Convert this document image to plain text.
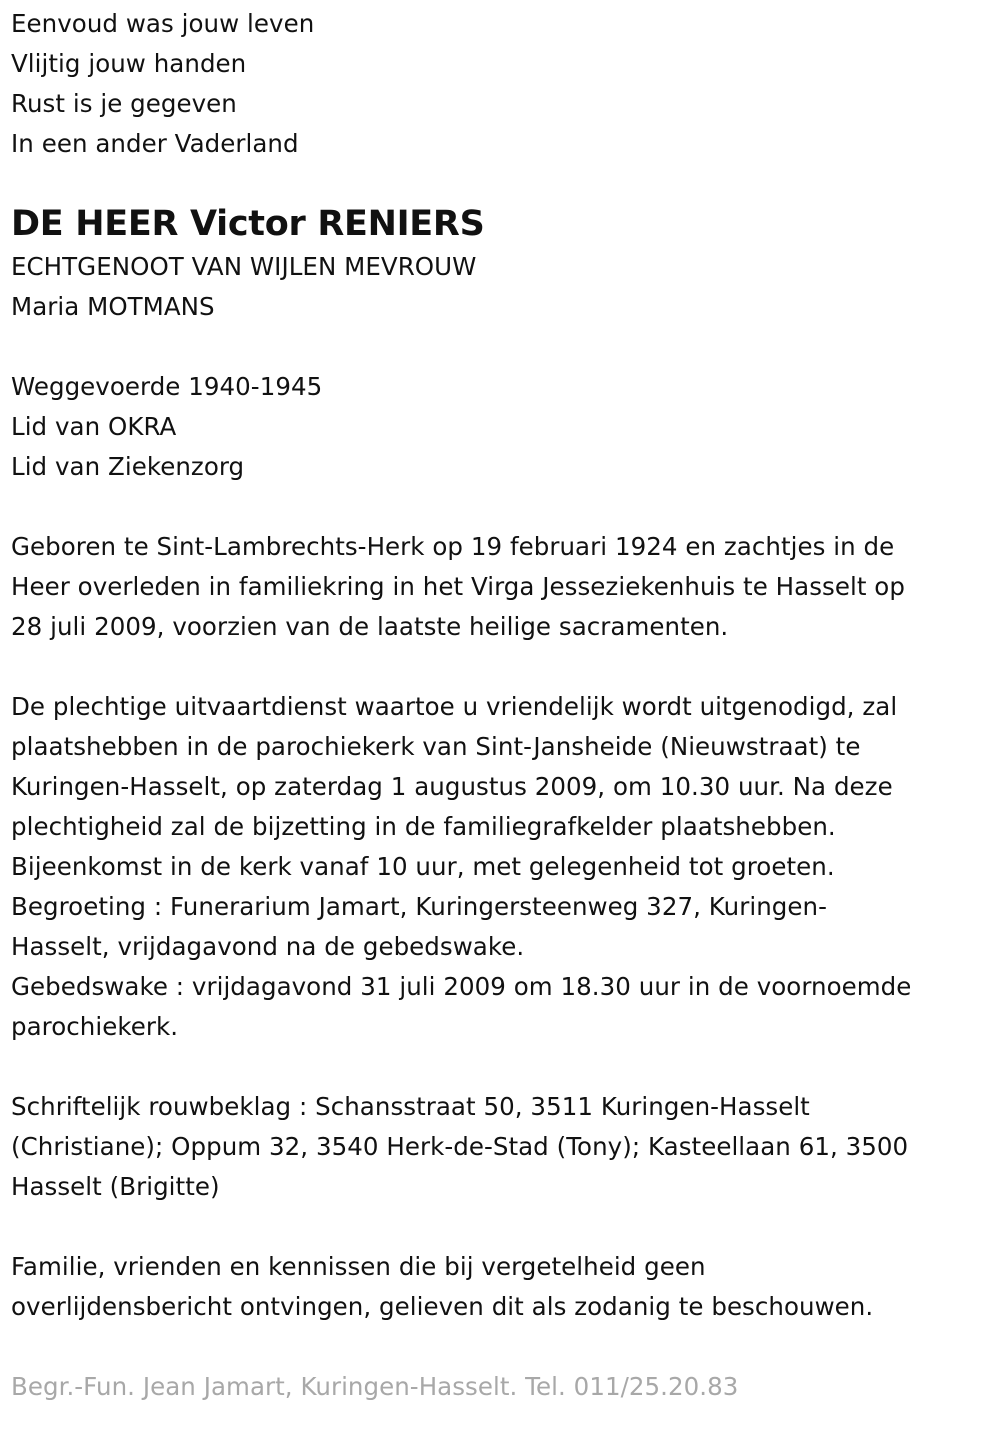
Eenvoud was jouw leven
Vlijtig jouw handen
Rust is je gegeven
In een ander Vaderland
DE HEER Victor RENIERS
ECHTGENOOT VAN WIJLEN MEVROUW
Maria MOTMANS
Weggevoerde 1940-1945
Lid van OKRA
Lid van Ziekenzorg
Geboren te Sint-Lambrechts-Herk op 19 februari 1924 en zachtjes in de
Heer overleden in familiekring in het Virga Jesseziekenhuis te Hasselt op
28 juli 2009, voorzien van de laatste heilige sacramenten.
De plechtige uitvaartdienst waartoe u vriendelijk wordt uitgenodigd, zal
plaatshebben in de parochiekerk van Sint-Jansheide (Nieuwstraat) te
Kuringen-Hasselt, op zaterdag 1 augustus 2009, om 10.30 uur. Na deze
plechtigheid zal de bijzetting in de familiegrafkelder plaatshebben.
Bijeenkomst in de kerk vanaf 10 uur, met gelegenheid tot groeten.
Begroeting : Funerarium Jamart, Kuringersteenweg 327, Kuringen-
Hasselt, vrijdagavond na de gebedswake.
Gebedswake : vrijdagavond 31 juli 2009 om 18.30 uur in de voornoemde
parochiekerk.
Schriftelijk rouwbeklag : Schansstraat 50, 3511 Kuringen-Hasselt
(Christiane); Oppum 32, 3540 Herk-de-Stad (Tony); Kasteellaan 61, 3500
Hasselt (Brigitte)
Familie, vrienden en kennissen die bij vergetelheid geen
overlijdensbericht ontvingen, gelieven dit als zodanig te beschouwen.
Begr.-Fun. Jean Jamart, Kuringen-Hasselt. Tel. 011/25.20.83
